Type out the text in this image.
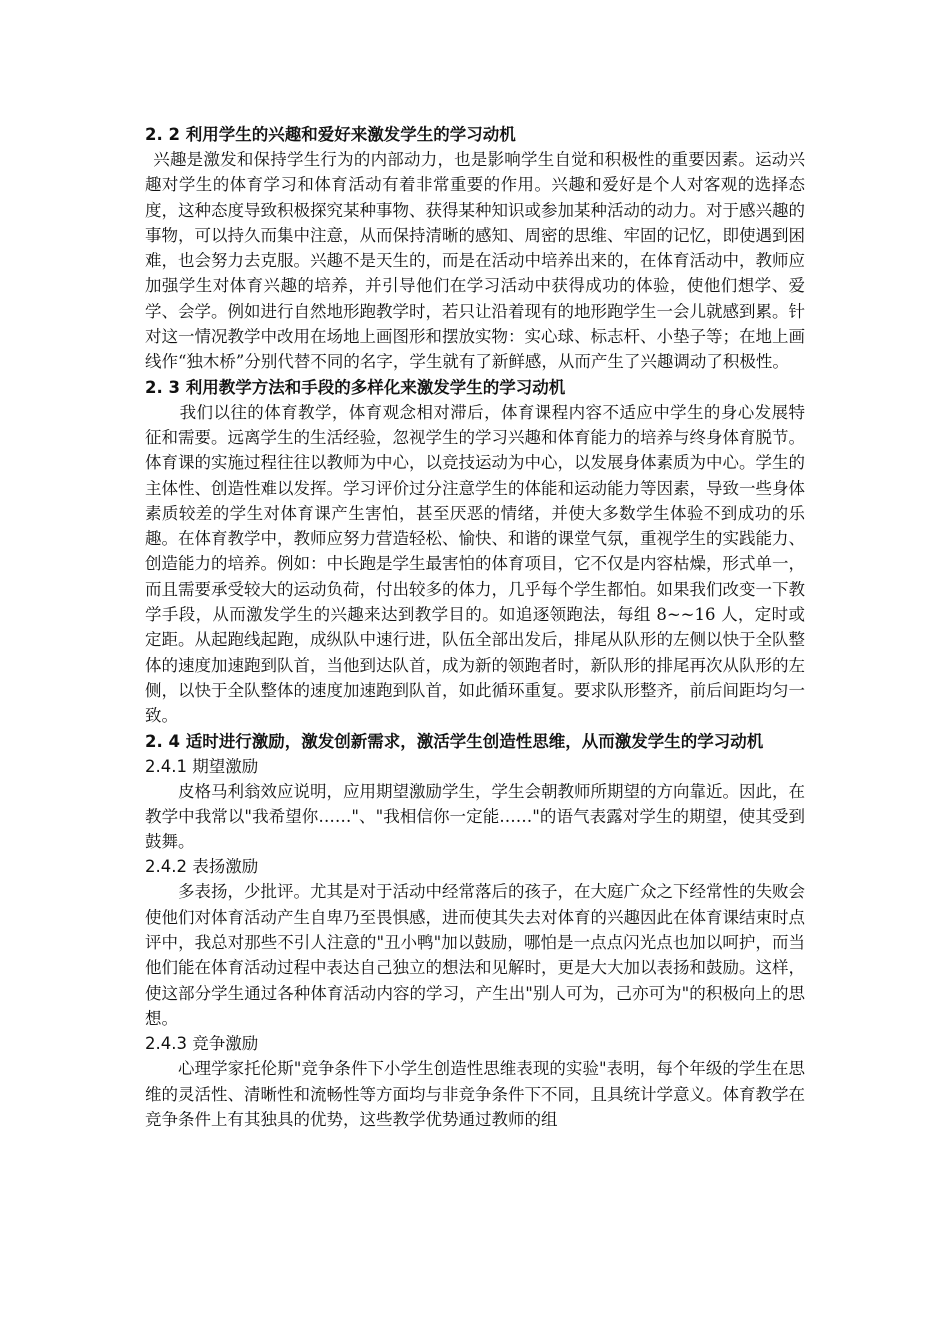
2. 2 利用学生的兴趣和爱好来激发学生的学习动机

兴趣是激发和保持学生行为的内部动力，也是影响学生自觉和积极性的重要因素。运动兴趣对学生的体育学习和体育活动有着非常重要的作用。兴趣和爱好是个人对客观的选择态度，这种态度导致积极探究某种事物、获得某种知识或参加某种活动的动力。对于感兴趣的事物，可以持久而集中注意，从而保持清晰的感知、周密的思维、牢固的记忆，即使遇到困难，也会努力去克服。兴趣不是天生的，而是在活动中培养出来的，在体育活动中，教师应加强学生对体育兴趣的培养，并引导他们在学习活动中获得成功的体验，使他们想学、爱学、会学。例如进行自然地形跑教学时，若只让沿着现有的地形跑学生一会儿就感到累。针对这一情况教学中改用在场地上画图形和摆放实物：实心球、标志杆、小垫子等；在地上画线作“独木桥”分别代替不同的名字，学生就有了新鲜感，从而产生了兴趣调动了积极性。

2. 3 利用教学方法和手段的多样化来激发学生的学习动机

我们以往的体育教学，体育观念相对滞后，体育课程内容不适应中学生的身心发展特征和需要。远离学生的生活经验，忽视学生的学习兴趣和体育能力的培养与终身体育脱节。体育课的实施过程往往以教师为中心，以竞技运动为中心，以发展身体素质为中心。学生的主体性、创造性难以发挥。学习评价过分注意学生的体能和运动能力等因素，导致一些身体素质较差的学生对体育课产生害怕，甚至厌恶的情绪，并使大多数学生体验不到成功的乐趣。在体育教学中，教师应努力营造轻松、愉快、和谐的课堂气氛，重视学生的实践能力、创造能力的培养。例如：中长跑是学生最害怕的体育项目，它不仅是内容枯燥，形式单一，而且需要承受较大的运动负荷，付出较多的体力，几乎每个学生都怕。如果我们改变一下教学手段，从而激发学生的兴趣来达到教学目的。如追逐领跑法，每组 8~~16 人，定时或定距。从起跑线起跑，成纵队中速行进，队伍全部出发后，排尾从队形的左侧以快于全队整体的速度加速跑到队首，当他到达队首，成为新的领跑者时，新队形的排尾再次从队形的左侧，以快于全队整体的速度加速跑到队首，如此循环重复。要求队形整齐，前后间距均匀一致。

2. 4 适时进行激励，激发创新需求，激活学生创造性思维，从而激发学生的学习动机

2.4.1 期望激励

皮格马利翁效应说明，应用期望激励学生，学生会朝教师所期望的方向靠近。因此，在教学中我常以"我希望你……"、"我相信你一定能……"的语气表露对学生的期望，使其受到鼓舞。

2.4.2 表扬激励

多表扬，少批评。尤其是对于活动中经常落后的孩子，在大庭广众之下经常性的失败会使他们对体育活动产生自卑乃至畏惧感，进而使其失去对体育的兴趣因此在体育课结束时点评中，我总对那些不引人注意的"丑小鸭"加以鼓励，哪怕是一点点闪光点也加以呵护，而当他们能在体育活动过程中表达自己独立的想法和见解时，更是大大加以表扬和鼓励。这样，使这部分学生通过各种体育活动内容的学习，产生出"别人可为，己亦可为"的积极向上的思想。

2.4.3 竞争激励

心理学家托伦斯"竞争条件下小学生创造性思维表现的实验"表明，每个年级的学生在思维的灵活性、清晰性和流畅性等方面均与非竞争条件下不同，且具统计学意义。体育教学在竞争条件上有其独具的优势，这些教学优势通过教师的组
